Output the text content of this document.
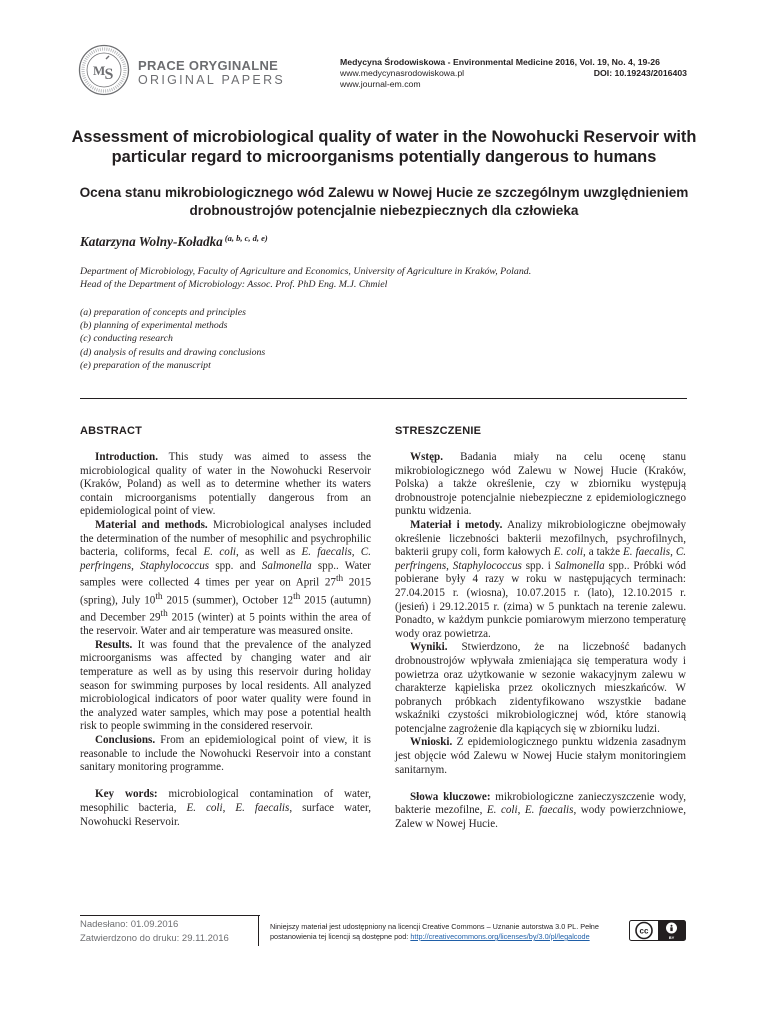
M S
PRACE ORYGINALNE
ORIGINAL PAPERS
Medycyna Środowiskowa - Environmental Medicine 2016, Vol. 19, No. 4, 19-26
www.medycynasrodowiskowa.pl	DOI: 10.19243/2016403
www.journal-em.com
Assessment of microbiological quality of water in the Nowohucki Reservoir with particular regard to microorganisms potentially dangerous to humans
Ocena stanu mikrobiologicznego wód Zalewu w Nowej Hucie ze szczególnym uwzględnieniem drobnoustrojów potencjalnie niebezpiecznych dla człowieka
Katarzyna Wolny-Koładka $^{(a, b, c, d, e)}$
Department of Microbiology, Faculty of Agriculture and Economics, University of Agriculture in Kraków, Poland.
Head of the Department of Microbiology: Assoc. Prof. PhD Eng. M.J. Chmiel
(a) preparation of concepts and principles
(b) planning of experimental methods
(c) conducting research
(d) analysis of results and drawing conclusions
(e) preparation of the manuscript
ABSTRACT

Introduction. This study was aimed to assess the microbiological quality of water in the Nowohucki Reservoir (Kraków, Poland) as well as to determine whether its waters contain microorganisms potentially dangerous from an epidemiological point of view.

Material and methods. Microbiological analyses included the determination of the number of mesophilic and psychrophilic bacteria, coliforms, fecal E. coli, as well as E. faecalis, C. perfringens, Staphylococcus spp. and Salmonella spp.. Water samples were collected 4 times per year on April 27th 2015 (spring), July 10th 2015 (summer), October 12th 2015 (autumn) and December 29th 2015 (winter) at 5 points within the area of the reservoir. Water and air temperature was measured onsite.

Results. It was found that the prevalence of the analyzed microorganisms was affected by changing water and air temperature as well as by using this reservoir during holiday season for swimming purposes by local residents. All analyzed microbiological indicators of poor water quality were found in the analyzed water samples, which may pose a potential health risk to people swimming in the considered reservoir.

Conclusions. From an epidemiological point of view, it is reasonable to include the Nowohucki Reservoir into a constant sanitary monitoring programme.

Key words: microbiological contamination of water, mesophilic bacteria, E. coli, E. faecalis, surface water, Nowohucki Reservoir.

STRESZCZENIE

Wstęp. Badania miały na celu ocenę stanu mikrobiologicznego wód Zalewu w Nowej Hucie (Kraków, Polska) a także określenie, czy w zbiorniku występują drobnoustroje potencjalnie niebezpieczne z epidemiologicznego punktu widzenia.

Materiał i metody. Analizy mikrobiologiczne obejmowały określenie liczebności bakterii mezofilnych, psychrofilnych, bakterii grupy coli, form kałowych E. coli, a także E. faecalis, C. perfringens, Staphylococcus spp. i Salmonella spp.. Próbki wód pobierane były 4 razy w roku w następujących terminach: 27.04.2015 r. (wiosna), 10.07.2015 r. (lato), 12.10.2015 r. (jesień) i 29.12.2015 r. (zima) w 5 punktach na terenie zalewu. Ponadto, w każdym punkcie pomiarowym mierzono temperaturę wody oraz powietrza.

Wyniki. Stwierdzono, że na liczebność badanych drobnoustrojów wpływała zmieniająca się temperatura wody i powietrza oraz użytkowanie w sezonie wakacyjnym zalewu w charakterze kąpieliska przez okolicznych mieszkańców. W pobranych próbkach zidentyfikowano wszystkie badane wskaźniki czystości mikrobiologicznej wód, które stanowią potencjalne zagrożenie dla kąpiących się w zbiorniku ludzi.

Wnioski. Z epidemiologicznego punktu widzenia zasadnym jest objęcie wód Zalewu w Nowej Hucie stałym monitoringiem sanitarnym.

Słowa kluczowe: mikrobiologiczne zanieczyszczenie wody, bakterie mezofilne, E. coli, E. faecalis, wody powierzchniowe, Zalew w Nowej Hucie.

Nadesłano: 01.09.2016
Zatwierdzono do druku: 29.11.2016
Niniejszy materiał jest udostępniony na licencji Creative Commons – Uznanie autorstwa 3.0 PL. Pełne postanowienia tej licencji są dostępne pod: http://creativecommons.org/licenses/by/3.0/pl/legalcode
cc
BY
